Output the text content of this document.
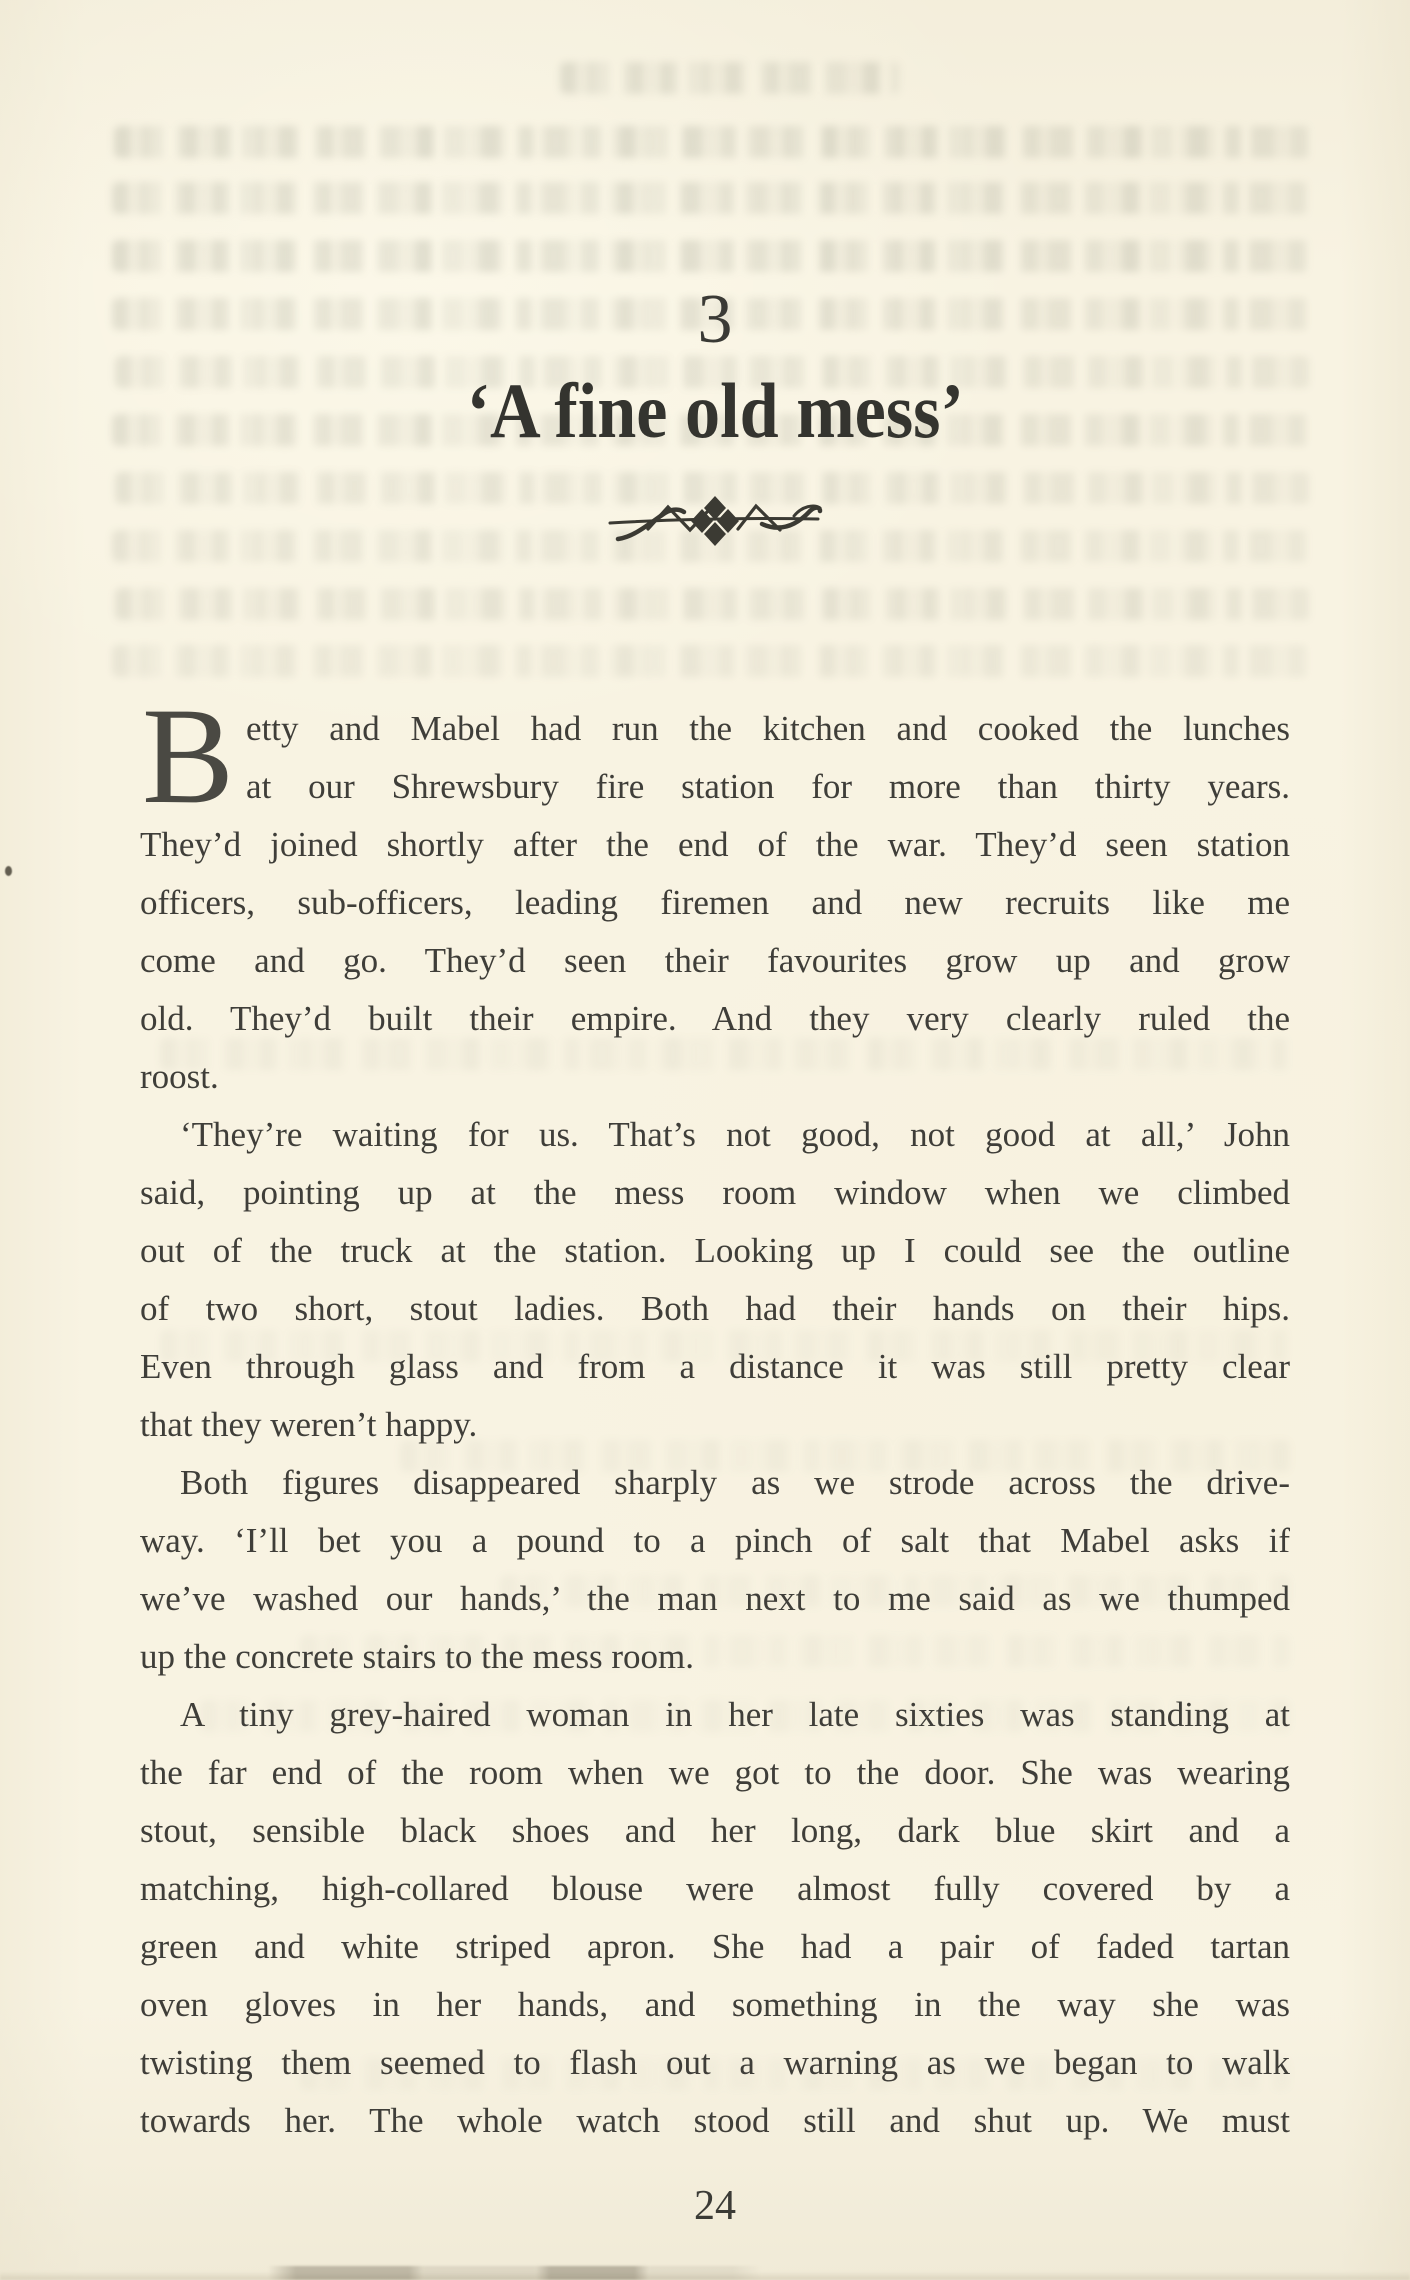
3
‘A fine old mess’
B etty and Mabel had run the kitchen and cooked the lunches
at our Shrewsbury fire station for more than thirty years.
They’d joined shortly after the end of the war. They’d seen station
officers, sub-officers, leading firemen and new recruits like me
come and go. They’d seen their favourites grow up and grow
old. They’d built their empire. And they very clearly ruled the
roost.
‘They’re waiting for us. That’s not good, not good at all,’ John
said, pointing up at the mess room window when we climbed
out of the truck at the station. Looking up I could see the outline
of two short, stout ladies. Both had their hands on their hips.
Even through glass and from a distance it was still pretty clear
that they weren’t happy.
Both figures disappeared sharply as we strode across the drive-
way. ‘I’ll bet you a pound to a pinch of salt that Mabel asks if
we’ve washed our hands,’ the man next to me said as we thumped
up the concrete stairs to the mess room.
A tiny grey-haired woman in her late sixties was standing at
the far end of the room when we got to the door. She was wearing
stout, sensible black shoes and her long, dark blue skirt and a
matching, high-collared blouse were almost fully covered by a
green and white striped apron. She had a pair of faded tartan
oven gloves in her hands, and something in the way she was
twisting them seemed to flash out a warning as we began to walk
towards her. The whole watch stood still and shut up. We must
24
